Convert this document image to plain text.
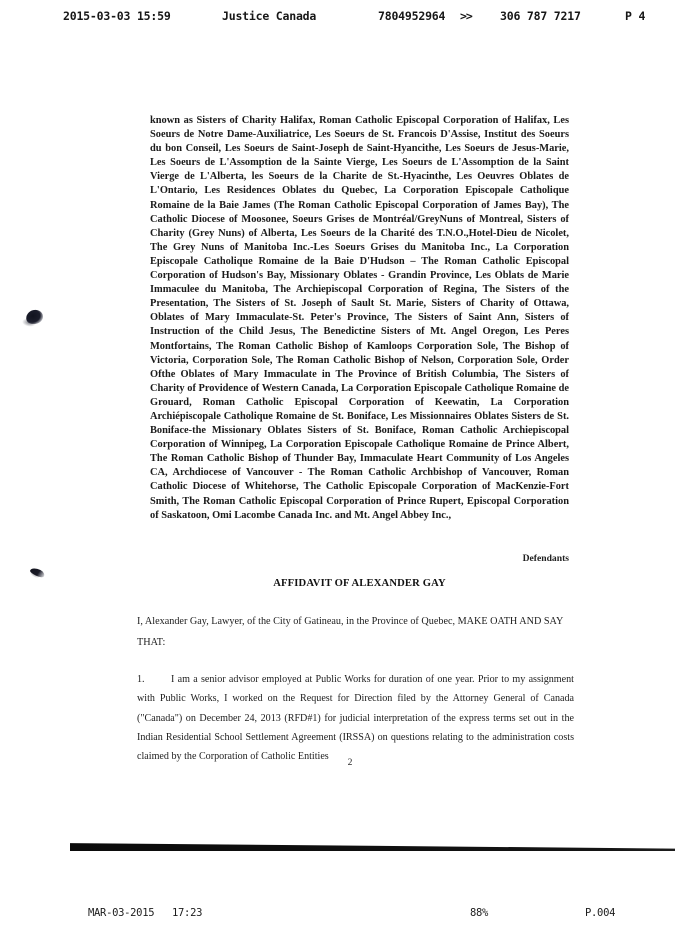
2015-03-03 15:59	Justice Canada	7804952964 >> 306 787 7217	P 4

known as Sisters of Charity Halifax, Roman Catholic Episcopal Corporation of Halifax, Les Soeurs de Notre Dame-Auxiliatrice, Les Soeurs de St. Francois D'Assise, Institut des Soeurs du bon Conseil, Les Soeurs de Saint-Joseph de Saint-Hyancithe, Les Soeurs de Jesus-Marie, Les Soeurs de L'Assomption de la Sainte Vierge, Les Soeurs de L'Assomption de la Saint Vierge de L'Alberta, les Soeurs de la Charite de St.-Hyacinthe, Les Oeuvres Oblates de L'Ontario, Les Residences Oblates du Quebec, La Corporation Episcopale Catholique Romaine de la Baie James (The Roman Catholic Episcopal Corporation of James Bay), The Catholic Diocese of Moosonee, Soeurs Grises de Montréal/GreyNuns of Montreal, Sisters of Charity (Grey Nuns) of Alberta, Les Soeurs de la Charité des T.N.O.,Hotel-Dieu de Nicolet, The Grey Nuns of Manitoba Inc.-Les Soeurs Grises du Manitoba Inc., La Corporation Episcopale Catholique Romaine de la Baie D'Hudson – The Roman Catholic Episcopal Corporation of Hudson's Bay, Missionary Oblates - Grandin Province, Les Oblats de Marie Immaculee du Manitoba, The Archiepiscopal Corporation of Regina, The Sisters of the Presentation, The Sisters of St. Joseph of Sault St. Marie, Sisters of Charity of Ottawa, Oblates of Mary Immaculate-St. Peter's Province, The Sisters of Saint Ann, Sisters of Instruction of the Child Jesus, The Benedictine Sisters of Mt. Angel Oregon, Les Peres Montfortains, The Roman Catholic Bishop of Kamloops Corporation Sole, The Bishop of Victoria, Corporation Sole, The Roman Catholic Bishop of Nelson, Corporation Sole, Order Ofthe Oblates of Mary Immaculate in The Province of British Columbia, The Sisters of Charity of Providence of Western Canada, La Corporation Episcopale Catholique Romaine de Grouard, Roman Catholic Episcopal Corporation of Keewatin, La Corporation Archiépiscopale Catholique Romaine de St. Boniface, Les Missionnaires Oblates Sisters de St. Boniface-the Missionary Oblates Sisters of St. Boniface, Roman Catholic Archiepiscopal Corporation of Winnipeg, La Corporation Episcopale Catholique Romaine de Prince Albert, The Roman Catholic Bishop of Thunder Bay, Immaculate Heart Community of Los Angeles CA, Archdiocese of Vancouver - The Roman Catholic Archbishop of Vancouver, Roman Catholic Diocese of Whitehorse, The Catholic Episcopale Corporation of MacKenzie-Fort Smith, The Roman Catholic Episcopal Corporation of Prince Rupert, Episcopal Corporation of Saskatoon, Omi Lacombe Canada Inc. and Mt. Angel Abbey Inc.,

Defendants
AFFIDAVIT OF ALEXANDER GAY
I, Alexander Gay, Lawyer, of the City of Gatineau, in the Province of Quebec, MAKE OATH AND SAY THAT:
1.	I am a senior advisor employed at Public Works for duration of one year. Prior to my assignment with Public Works, I worked on the Request for Direction filed by the Attorney General of Canada ("Canada") on December 24, 2013 (RFD#1) for judicial interpretation of the express terms set out in the Indian Residential School Settlement Agreement (IRSSA) on questions relating to the administration costs claimed by the Corporation of Catholic Entities
2
MAR-03-2015 17:23	88%	P.004
